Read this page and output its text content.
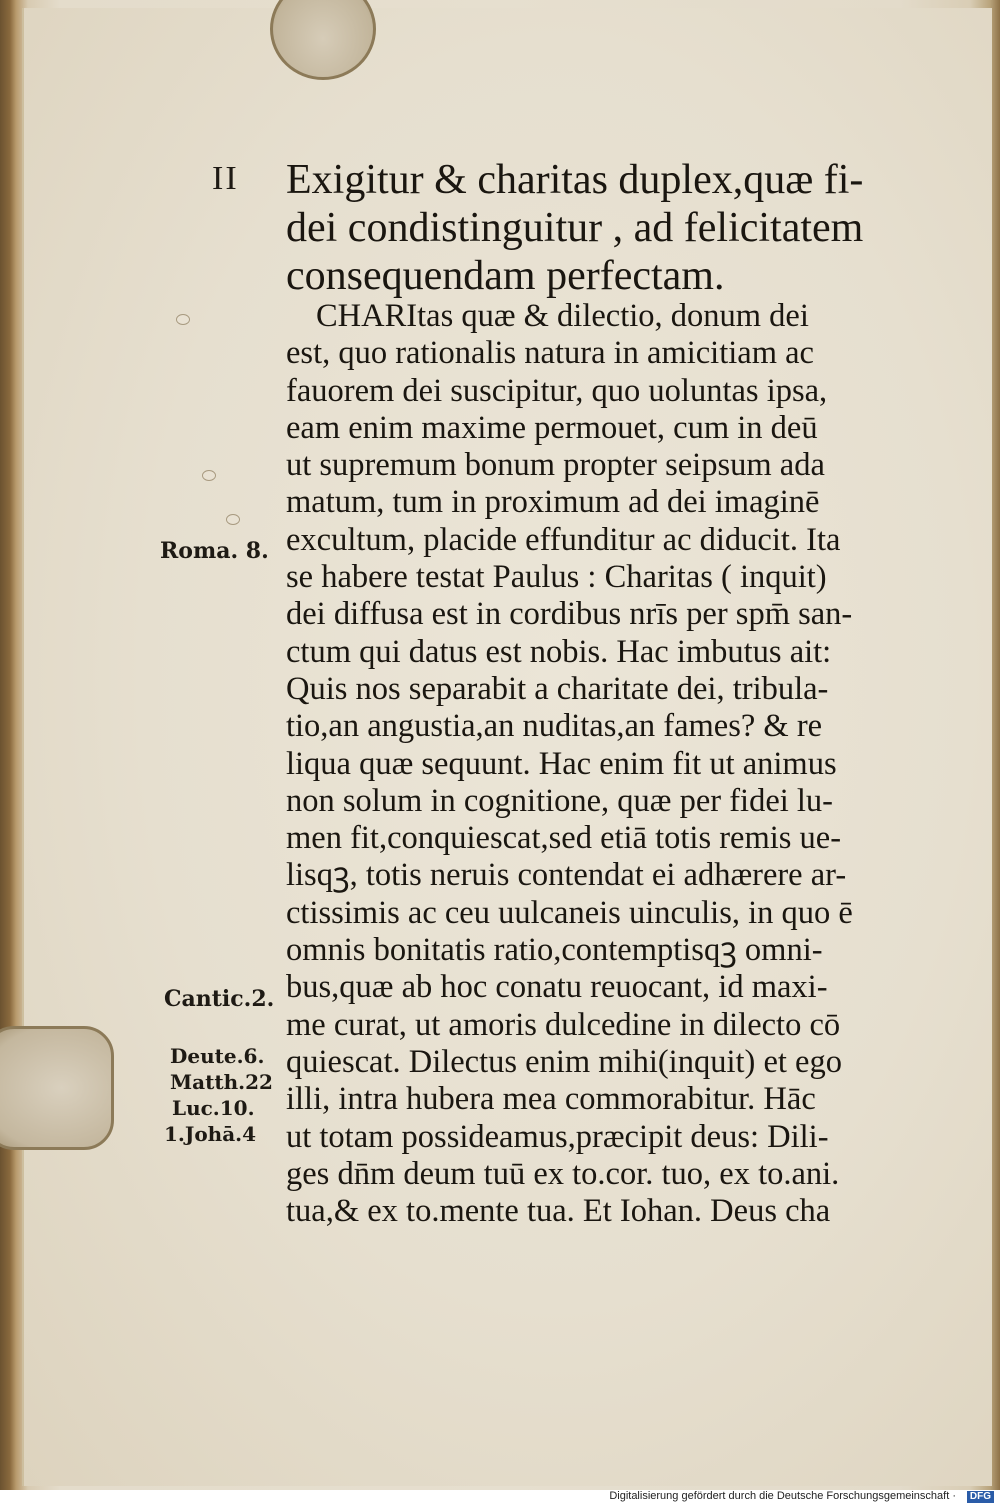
II Exigitur & charitas duplex,quæ fi-
dei condistinguitur , ad felicitatem
consequendam perfectam.
CHARItas quæ & dilectio, donum dei
est, quo rationalis natura in amicitiam ac
fauorem dei suscipitur, quo uoluntas ipsa,
eam enim maxime permouet, cum in deū
ut supremum bonum propter seipsum ada
matum, tum in proximum ad dei imaginē
excultum, placide effunditur ac diducit. Ita
se habere testat Paulus : Charitas ( inquit)
dei diffusa est in cordibus nrīs per spm̄ san-
ctum qui datus est nobis. Hac imbutus ait:
Quis nos separabit a charitate dei, tribula-
tio,an angustia,an nuditas,an fames? & re
liqua quæ sequunt. Hac enim fit ut animus
non solum in cognitione, quæ per fidei lu-
men fit,conquiescat,sed etiā totis remis ue-
lisqꝫ, totis neruis contendat ei adhærere ar-
ctissimis ac ceu uulcaneis uinculis, in quo ē
omnis bonitatis ratio,contemptisqꝫ omni-
bus,quæ ab hoc conatu reuocant, id maxi-
me curat, ut amoris dulcedine in dilecto cō
quiescat. Dilectus enim mihi(inquit) et ego
illi, intra hubera mea commorabitur. Hāc
ut totam possideamus,præcipit deus: Dili-
ges dn̄m deum tuū ex to.cor. tuo, ex to.ani.
tua,& ex to.mente tua. Et Iohan. Deus cha
Roma. 8.
Cantic.2.
Deute.6.
Matth.22
Luc.10.
1.Johā.4
Digitalisierung gefördert durch die Deutsche Forschungsgemeinschaft ·	DFG
